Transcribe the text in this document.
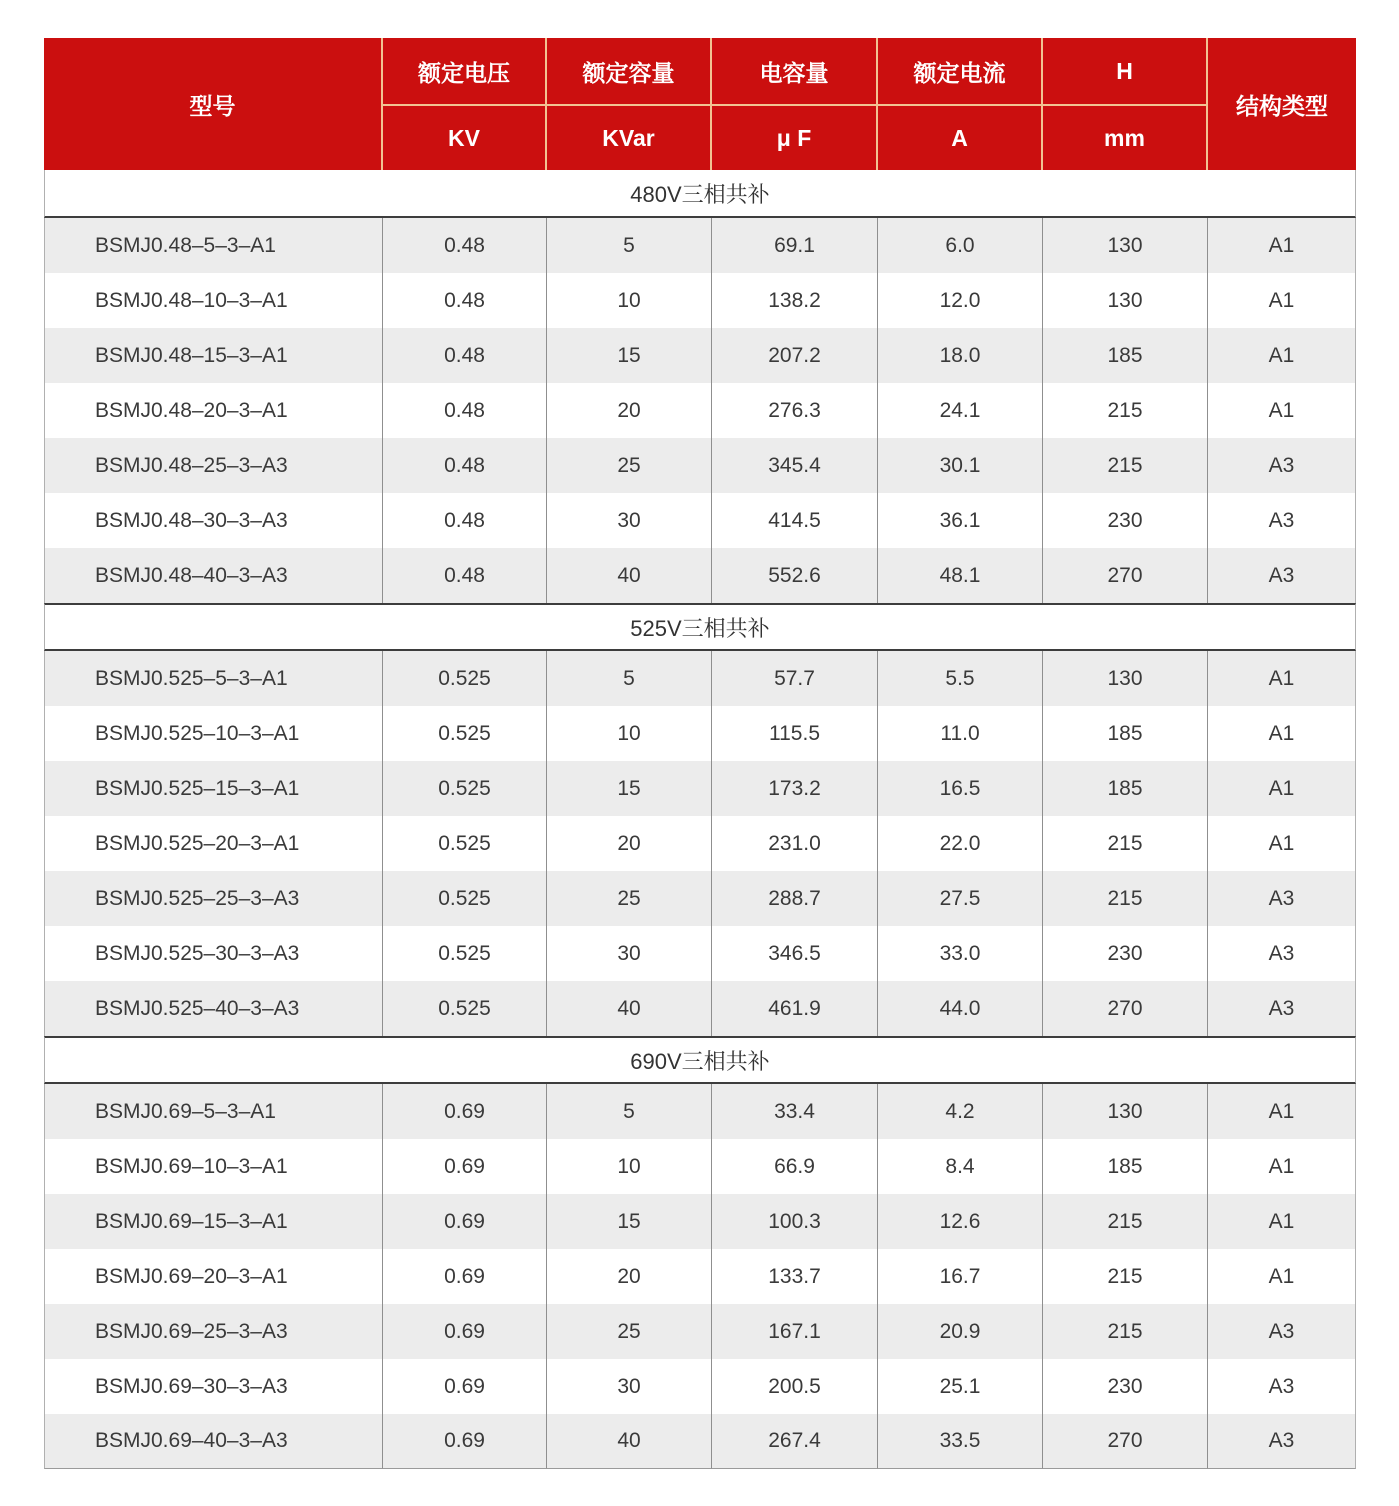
型号	额定电压	额定容量	电容量	额定电流	H	结构类型
	KV	KVar	μ F	A	mm	
480V三相共补						
BSMJ0.48–5–3–A1	0.48	5	69.1	6.0	130	A1
BSMJ0.48–10–3–A1	0.48	10	138.2	12.0	130	A1
BSMJ0.48–15–3–A1	0.48	15	207.2	18.0	185	A1
BSMJ0.48–20–3–A1	0.48	20	276.3	24.1	215	A1
BSMJ0.48–25–3–A3	0.48	25	345.4	30.1	215	A3
BSMJ0.48–30–3–A3	0.48	30	414.5	36.1	230	A3
BSMJ0.48–40–3–A3	0.48	40	552.6	48.1	270	A3
525V三相共补						
BSMJ0.525–5–3–A1	0.525	5	57.7	5.5	130	A1
BSMJ0.525–10–3–A1	0.525	10	115.5	11.0	185	A1
BSMJ0.525–15–3–A1	0.525	15	173.2	16.5	185	A1
BSMJ0.525–20–3–A1	0.525	20	231.0	22.0	215	A1
BSMJ0.525–25–3–A3	0.525	25	288.7	27.5	215	A3
BSMJ0.525–30–3–A3	0.525	30	346.5	33.0	230	A3
BSMJ0.525–40–3–A3	0.525	40	461.9	44.0	270	A3
690V三相共补						
BSMJ0.69–5–3–A1	0.69	5	33.4	4.2	130	A1
BSMJ0.69–10–3–A1	0.69	10	66.9	8.4	185	A1
BSMJ0.69–15–3–A1	0.69	15	100.3	12.6	215	A1
BSMJ0.69–20–3–A1	0.69	20	133.7	16.7	215	A1
BSMJ0.69–25–3–A3	0.69	25	167.1	20.9	215	A3
BSMJ0.69–30–3–A3	0.69	30	200.5	25.1	230	A3
BSMJ0.69–40–3–A3	0.69	40	267.4	33.5	270	A3
